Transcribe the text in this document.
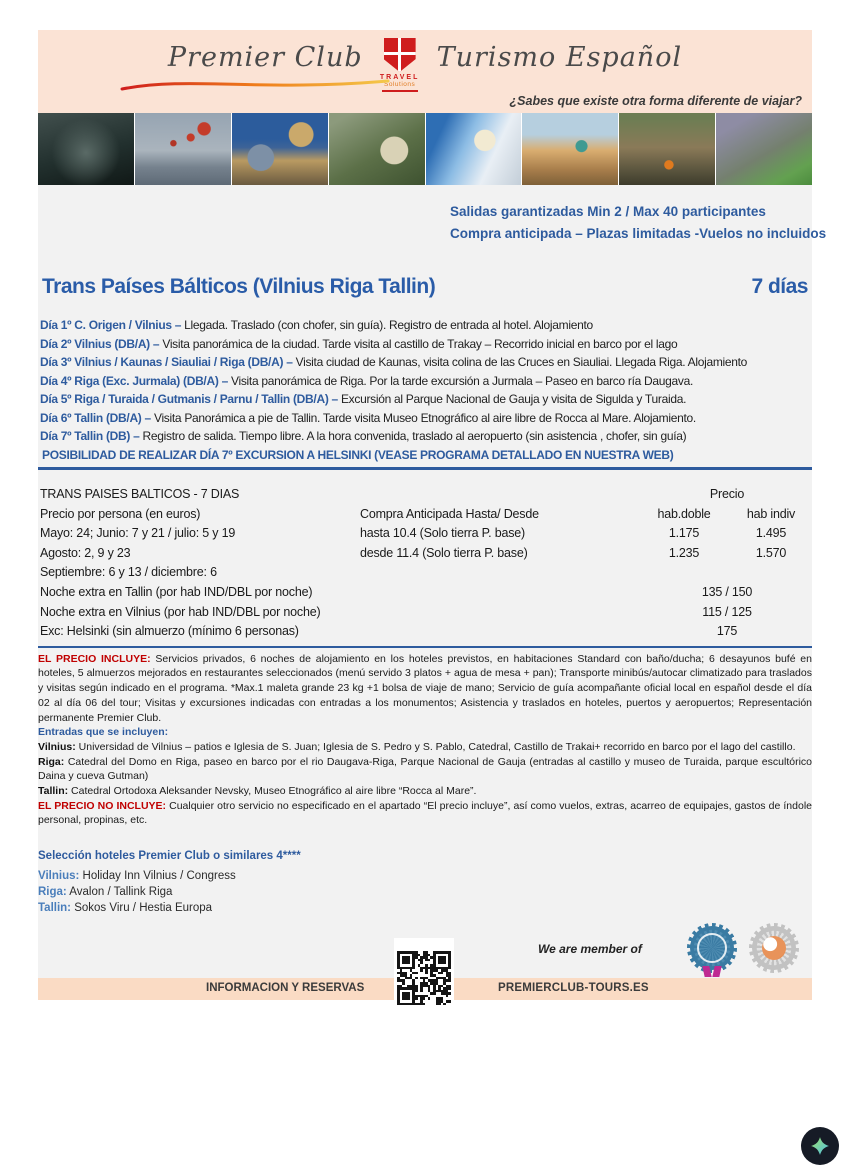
Premier Club
TRAVEL
Solutions
Turismo Español
¿Sabes que existe otra forma diferente de viajar?
Salidas garantizadas Min 2 / Max 40 participantes
Compra anticipada – Plazas limitadas -Vuelos no incluidos
Trans Países Bálticos (Vilnius Riga Tallin)	7 días
Día 1º C. Origen / Vilnius – Llegada. Traslado (con chofer, sin guía). Registro de entrada al hotel. Alojamiento
Día 2º Vilnius (DB/A) – Visita panorámica de la ciudad. Tarde visita al castillo de Trakay – Recorrido inicial en barco por el lago
Día 3º Vilnius / Kaunas / Siauliai / Riga (DB/A) – Visita ciudad de Kaunas, visita colina de las Cruces en Siauliai. Llegada Riga. Alojamiento
Día 4º Riga (Exc. Jurmala) (DB/A) – Visita panorámica de Riga. Por la tarde excursión a Jurmala – Paseo en barco ría Daugava.
Día 5º Riga / Turaida / Gutmanis / Parnu / Tallin (DB/A) – Excursión al Parque Nacional de Gauja y visita de Sigulda y Turaida.
Día 6º Tallin (DB/A) – Visita Panorámica a pie de Tallin. Tarde visita Museo Etnográfico al aire libre de Rocca al Mare. Alojamiento.
Día 7º Tallin (DB) – Registro de salida. Tiempo libre. A la hora convenida, traslado al aeropuerto (sin asistencia , chofer, sin guía)
POSIBILIDAD DE REALIZAR DÍA 7º EXCURSION A HELSINKI (VEASE PROGRAMA DETALLADO EN NUESTRA WEB)
TRANS PAISES BALTICOS - 7 DIAS	Precio
Precio por persona (en euros)	Compra Anticipada Hasta/ Desde	hab.doble	hab indiv
Mayo: 24; Junio: 7 y 21 / julio: 5 y 19	hasta 10.4 (Solo tierra P. base)	1.175	1.495
Agosto: 2, 9 y 23	desde 11.4 (Solo tierra P. base)	1.235	1.570
Septiembre: 6 y 13 / diciembre: 6
Noche extra en Tallin (por hab IND/DBL por noche)	135 / 150
Noche extra en Vilnius (por hab IND/DBL por noche)	115 / 125
Exc: Helsinki (sin almuerzo (mínimo 6 personas)	175

EL PRECIO INCLUYE: Servicios privados, 6 noches de alojamiento en los hoteles previstos, en habitaciones Standard con baño/ducha; 6 desayunos bufé en hoteles, 5 almuerzos mejorados en restaurantes seleccionados (menú servido 3 platos + agua de mesa + pan); Transporte minibús/autocar climatizado para traslados y visitas según indicado en el programa. *Max.1 maleta grande 23 kg +1 bolsa de viaje de mano; Servicio de guía acompañante oficial local en español desde el día 02 al día 06 del tour; Visitas y excursiones indicadas con entradas a los monumentos; Asistencia y traslados en hoteles, puertos y aeropuertos; Representación permanente Premier Club.

Entradas que se incluyen:

Vilnius: Universidad de Vilnius – patios e Iglesia de S. Juan; Iglesia de S. Pedro y S. Pablo, Catedral, Castillo de Trakai+ recorrido en barco por el lago del castillo.

Riga: Catedral del Domo en Riga, paseo en barco por el rio Daugava-Riga, Parque Nacional de Gauja (entradas al castillo y museo de Turaida, parque escultórico Daina y cueva Gutman)

Tallin: Catedral Ortodoxa Aleksander Nevsky, Museo Etnográfico al aire libre “Rocca al Mare”.

EL PRECIO NO INCLUYE: Cualquier otro servicio no especificado en el apartado “El precio incluye”, así como vuelos, extras, acarreo de equipajes, gastos de índole personal, propinas, etc.

Selección hoteles Premier Club o similares 4****
Vilnius: Holiday Inn Vilnius / Congress
Riga: Avalon / Tallink Riga
Tallin: Sokos Viru / Hestia Europa
We are member of
INFORMACION Y RESERVAS	PREMIERCLUB-TOURS.ES
